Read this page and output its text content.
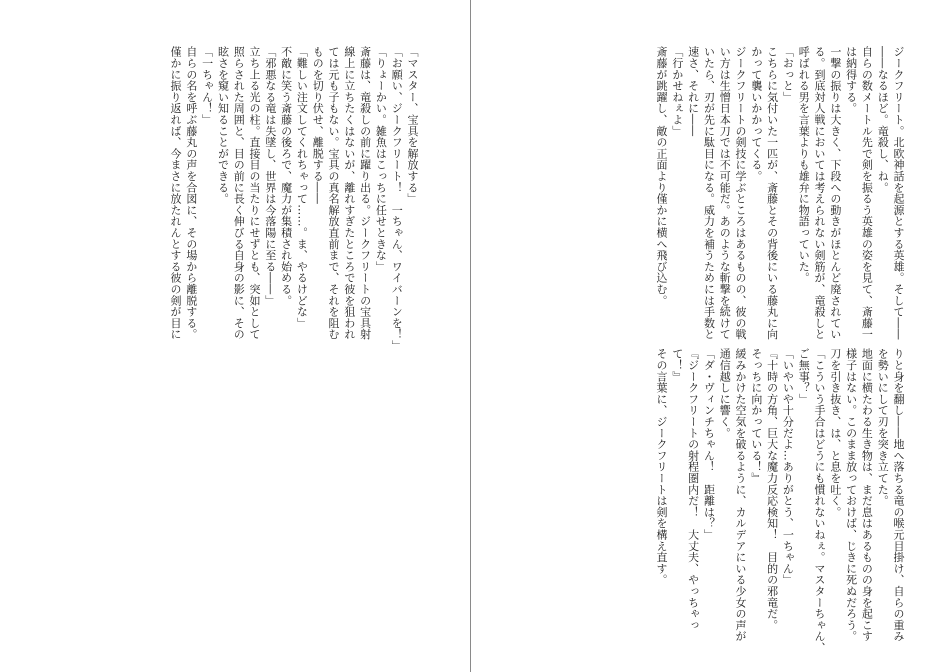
「マスター、宝具を解放する」
「お願い、ジークフリート！　一ちゃん、ワイバーンを！」
「りょーかい。雑魚はこっちに任せときな」
斎藤は、竜殺しの前に躍り出る。ジークフリートの宝具射
線上に立ちたくはないが、離れすぎたところで彼を狙われ
ては元も子もない。宝具の真名解放直前まで、それを阻む
ものを切り伏せ、離脱する――
「難しい注文してくれちゃって……。ま、やるけどな」
不敵に笑う斎藤の後ろで、魔力が集積され始める。
「邪悪なる竜は失墜し、世界は今落陽に至る――」
立ち上る光の柱。直接目の当たりにせずとも、突如として
照らされた周囲と、目の前に長く伸びる自身の影に、その
眩さを窺い知ることができる。
「一ちゃん！」
自らの名を呼ぶ藤丸の声を合図に、その場から離脱する。
僅かに振り返れば、今まさに放たれんとする彼の剣が目に	ジークフリート。北欧神話を起源とする英雄。そして――
――なるほど。竜殺し、ね。
自らの数メートル先で剣を振るう英雄の姿を見て、斎藤一
は納得する。
一撃の振りは大きく、下段への動きがほとんど廃されてい
る。到底対人戦においては考えられない剣筋が、竜殺しと
呼ばれる男を言葉よりも雄弁に物語っていた。
「おっと」
こちらに気付いた一匹が、斎藤とその背後にいる藤丸に向
かって襲いかかってくる。
ジークフリートの剣技に学ぶところはあるものの、彼の戦
い方は生憎日本刀では不可能だ。あのような斬撃を続けて
いたら、刃が先に駄目になる。威力を補うためには手数と
速さ、それに――
「行かせねぇよ」
斎藤が跳躍し、敵の正面より僅かに横へ飛び込む。
りと身を翻し――地へ落ちる竜の喉元目掛け、自らの重み
を勢いにして刃を突き立てた。
地面に横たわる生き物は、まだ息はあるものの身を起こす
様子はない。このまま放っておけば、じきに死ぬだろう。
刀を引き抜き、は、と息を吐く。
「こういう手合はどうにも慣れないねぇ。マスターちゃん、
ご無事？」
「いやいや十分だよ…ありがとう、一ちゃん」
『十時の方角、巨大な魔力反応検知！　目的の邪竜だ。
そっちに向かっている！』
緩みかけた空気を破るように、カルデアにいる少女の声が
通信越しに響く。
「ダ・ヴィンチちゃん！　距離は？」
『ジークフリートの射程圏内だ！　大丈夫、やっちゃっ
て！』
その言葉に、ジークフリートは剣を構え直す。
